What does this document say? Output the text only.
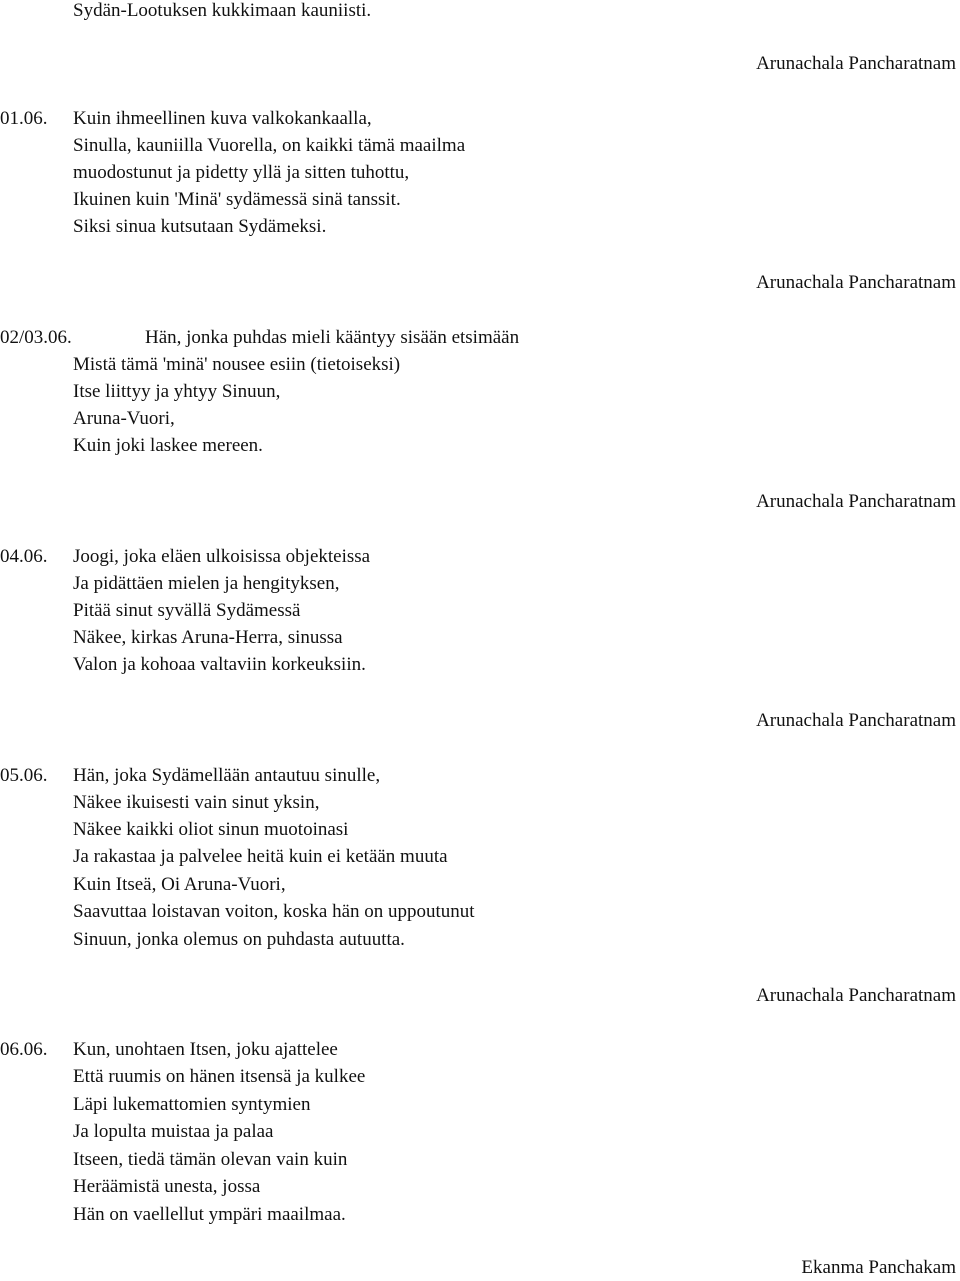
Sydän-Lootuksen kukkimaan kauniisti.
Arunachala Pancharatnam
01.06. Kuin ihmeellinen kuva valkokankaalla,
Sinulla, kauniilla Vuorella, on kaikki tämä maailma
muodostunut ja pidetty yllä ja sitten tuhottu,
Ikuinen kuin 'Minä' sydämessä sinä tanssit.
Siksi sinua kutsutaan Sydämeksi.
Arunachala Pancharatnam
02/03.06.	Hän, jonka puhdas mieli kääntyy sisään etsimään
Mistä tämä 'minä' nousee esiin (tietoiseksi)
Itse liittyy ja yhtyy Sinuun,
Aruna-Vuori,
Kuin joki laskee mereen.
Arunachala Pancharatnam
04.06. Joogi, joka eläen ulkoisissa objekteissa
Ja pidättäen mielen ja hengityksen,
Pitää sinut syvällä Sydämessä
Näkee, kirkas Aruna-Herra, sinussa
Valon ja kohoaa valtaviin korkeuksiin.
Arunachala Pancharatnam
05.06. Hän, joka Sydämellään antautuu sinulle,
Näkee ikuisesti vain sinut yksin,
Näkee kaikki oliot sinun muotoinasi
Ja rakastaa ja palvelee heitä kuin ei ketään muuta
Kuin Itseä, Oi Aruna-Vuori,
Saavuttaa loistavan voiton, koska hän on uppoutunut
Sinuun, jonka olemus on puhdasta autuutta.
Arunachala Pancharatnam
06.06. Kun, unohtaen Itsen, joku ajattelee
Että ruumis on hänen itsensä ja kulkee
Läpi lukemattomien syntymien
Ja lopulta muistaa ja palaa
Itseen, tiedä tämän olevan vain kuin
Heräämistä unesta, jossa
Hän on vaellellut ympäri maailmaa.
Ekanma Panchakam
